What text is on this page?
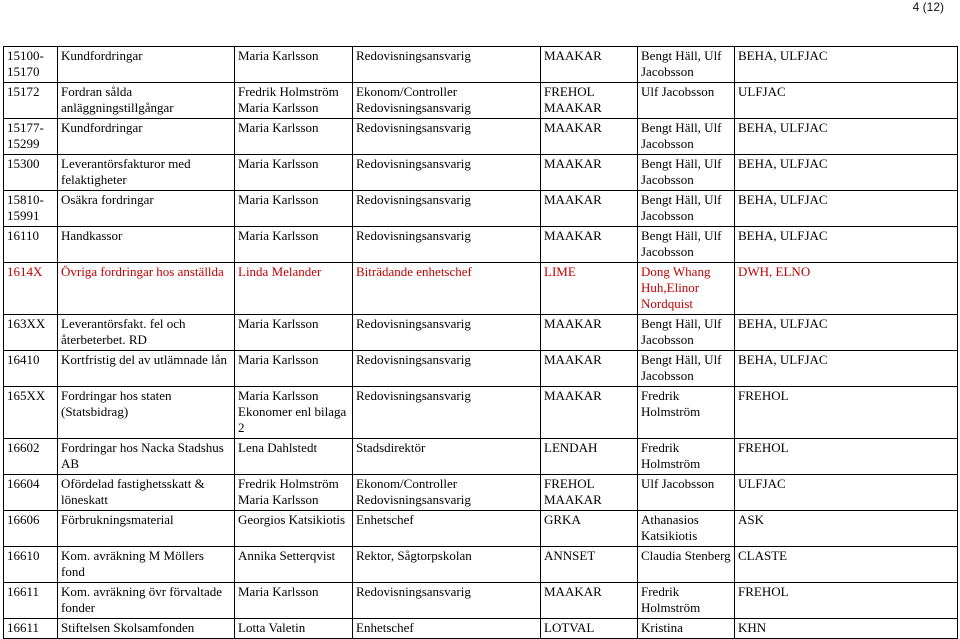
4 (12)
15100-15170	Kundfordringar	Maria Karlsson	Redovisningsansvarig	MAAKAR	Bengt Häll, Ulf Jacobsson	BEHA, ULFJAC
15172	Fordran sålda anläggningstillgångar	Fredrik Holmström Maria Karlsson	Ekonom/Controller Redovisningsansvarig	FREHOL MAAKAR	Ulf Jacobsson	ULFJAC
15177-15299	Kundfordringar	Maria Karlsson	Redovisningsansvarig	MAAKAR	Bengt Häll, Ulf Jacobsson	BEHA, ULFJAC
15300	Leverantörsfakturor med felaktigheter	Maria Karlsson	Redovisningsansvarig	MAAKAR	Bengt Häll, Ulf Jacobsson	BEHA, ULFJAC
15810-15991	Osäkra fordringar	Maria Karlsson	Redovisningsansvarig	MAAKAR	Bengt Häll, Ulf Jacobsson	BEHA, ULFJAC
16110	Handkassor	Maria Karlsson	Redovisningsansvarig	MAAKAR	Bengt Häll, Ulf Jacobsson	BEHA, ULFJAC
1614X	Övriga fordringar hos anställda	Linda Melander	Biträdande enhetschef	LIME	Dong Whang Huh,Elinor Nordquist	DWH, ELNO
163XX	Leverantörsfakt. fel och återbeterbet. RD	Maria Karlsson	Redovisningsansvarig	MAAKAR	Bengt Häll, Ulf Jacobsson	BEHA, ULFJAC
16410	Kortfristig del av utlämnade lån	Maria Karlsson	Redovisningsansvarig	MAAKAR	Bengt Häll, Ulf Jacobsson	BEHA, ULFJAC
165XX	Fordringar hos staten (Statsbidrag)	Maria Karlsson Ekonomer enl bilaga 2	Redovisningsansvarig	MAAKAR	Fredrik Holmström	FREHOL
16602	Fordringar hos Nacka Stadshus AB	Lena Dahlstedt	Stadsdirektör	LENDAH	Fredrik Holmström	FREHOL
16604	Ofördelad fastighetsskatt & löneskatt	Fredrik Holmström Maria Karlsson	Ekonom/Controller Redovisningsansvarig	FREHOL MAAKAR	Ulf Jacobsson	ULFJAC
16606	Förbrukningsmaterial	Georgios Katsikiotis	Enhetschef	GRKA	Athanasios Katsikiotis	ASK
16610	Kom. avräkning M Möllers fond	Annika Setterqvist	Rektor, Sågtorpskolan	ANNSET	Claudia Stenberg	CLASTE
16611	Kom. avräkning övr förvaltade fonder	Maria Karlsson	Redovisningsansvarig	MAAKAR	Fredrik Holmström	FREHOL
16611	Stiftelsen Skolsamfonden	Lotta Valetin	Enhetschef	LOTVAL	Kristina	KHN
